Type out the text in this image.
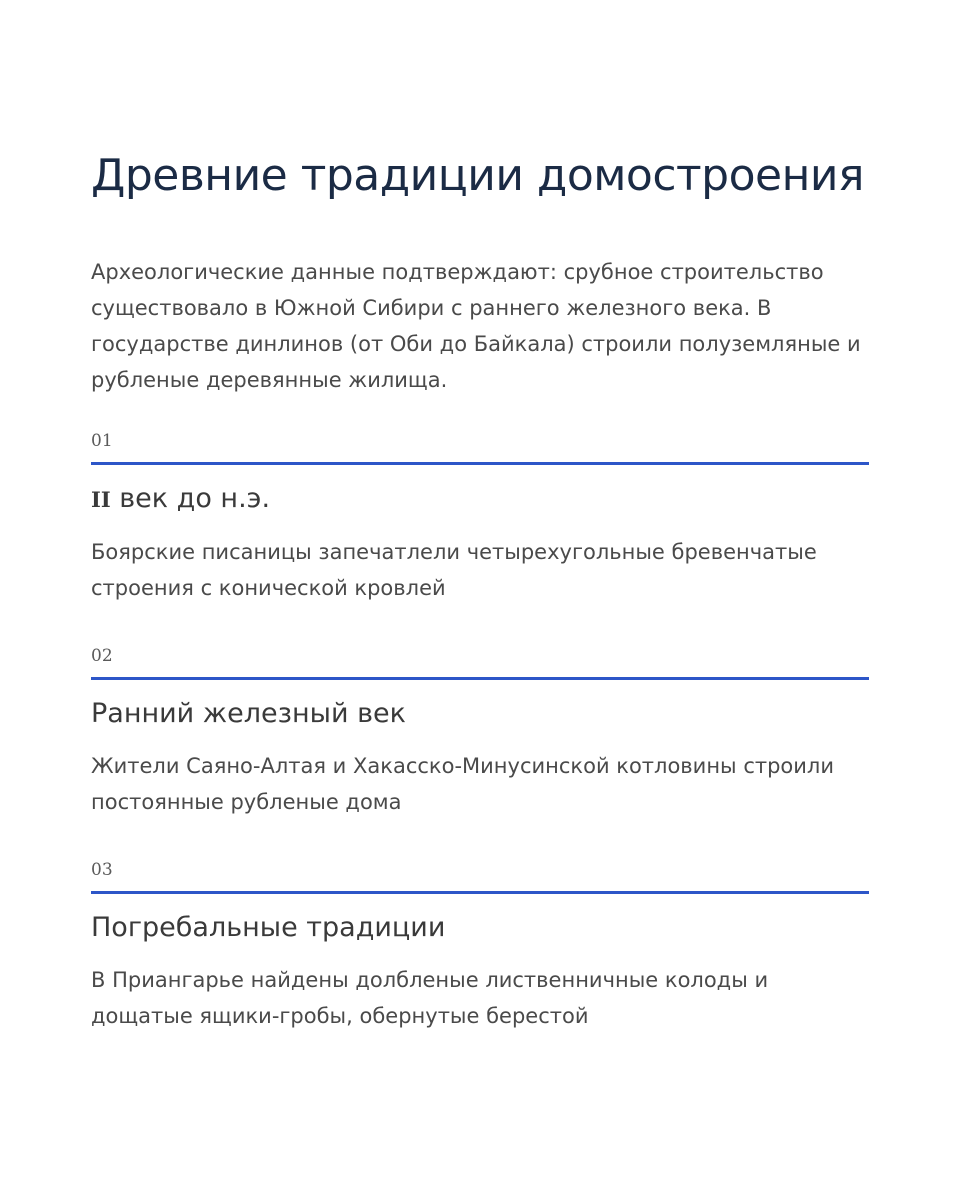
Древние традиции домостроения

Археологические данные подтверждают: срубное строительство существовало в Южной Сибири с раннего железного века. В государстве динлинов (от Оби до Байкала) строили полуземляные и рубленые деревянные жилища.

01
II век до н.э.

Боярские писаницы запечатлели четырехугольные бревенчатые строения с конической кровлей

02
Ранний железный век

Жители Саяно-Алтая и Хакасско-Минусинской котловины строили постоянные рубленые дома

03
Погребальные традиции

В Приангарье найдены долбленые лиственничные колоды и дощатые ящики-гробы, обернутые берестой
